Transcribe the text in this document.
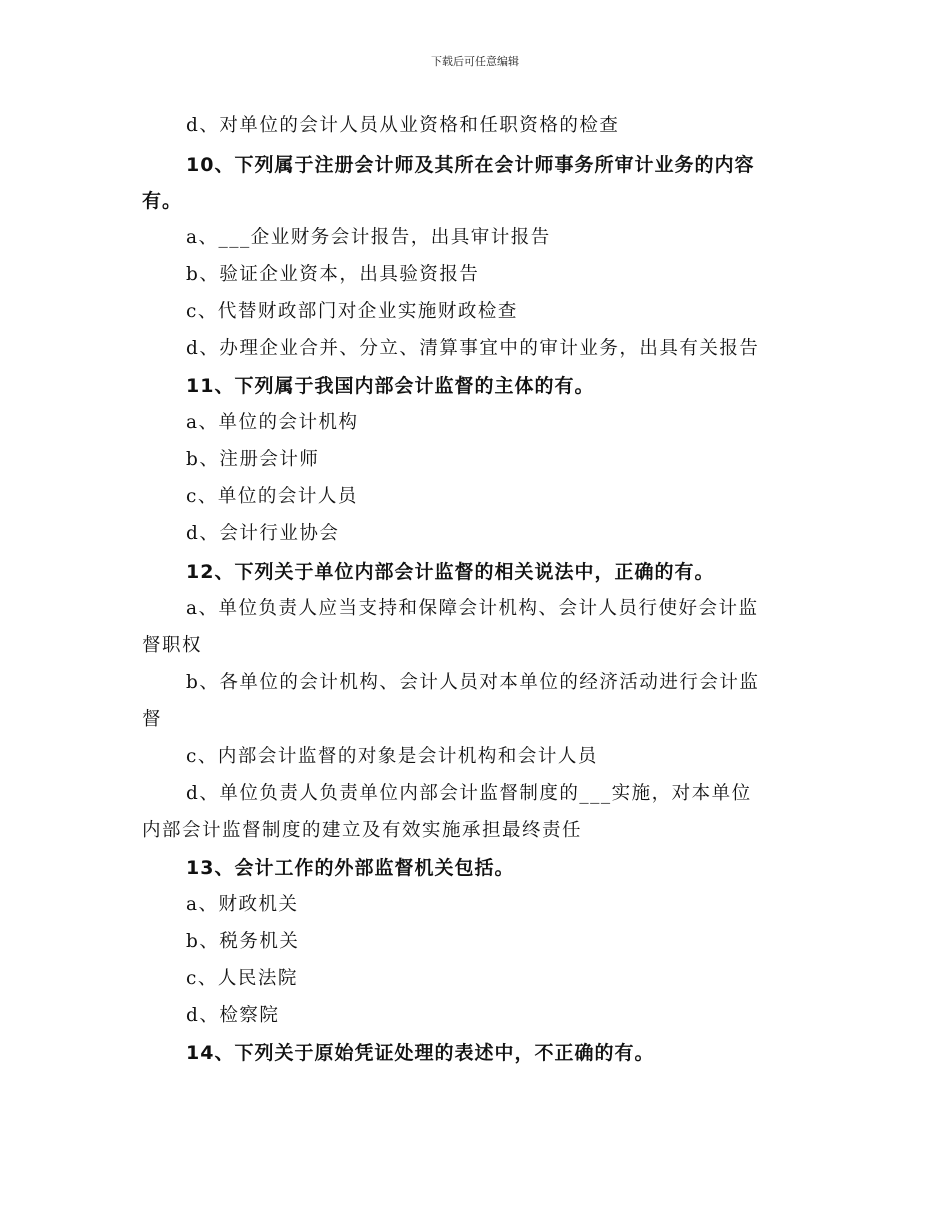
下载后可任意编辑
d、对单位的会计人员从业资格和任职资格的检查
10、下列属于注册会计师及其所在会计师事务所审计业务的内容
有。
a、___企业财务会计报告，出具审计报告
b、验证企业资本，出具验资报告
c、代替财政部门对企业实施财政检查
d、办理企业合并、分立、清算事宜中的审计业务，出具有关报告
11、下列属于我国内部会计监督的主体的有。
a、单位的会计机构
b、注册会计师
c、单位的会计人员
d、会计行业协会
12、下列关于单位内部会计监督的相关说法中，正确的有。
a、单位负责人应当支持和保障会计机构、会计人员行使好会计监
督职权
b、各单位的会计机构、会计人员对本单位的经济活动进行会计监
督
c、内部会计监督的对象是会计机构和会计人员
d、单位负责人负责单位内部会计监督制度的___实施，对本单位
内部会计监督制度的建立及有效实施承担最终责任
13、会计工作的外部监督机关包括。
a、财政机关
b、税务机关
c、人民法院
d、检察院
14、下列关于原始凭证处理的表述中，不正确的有。
